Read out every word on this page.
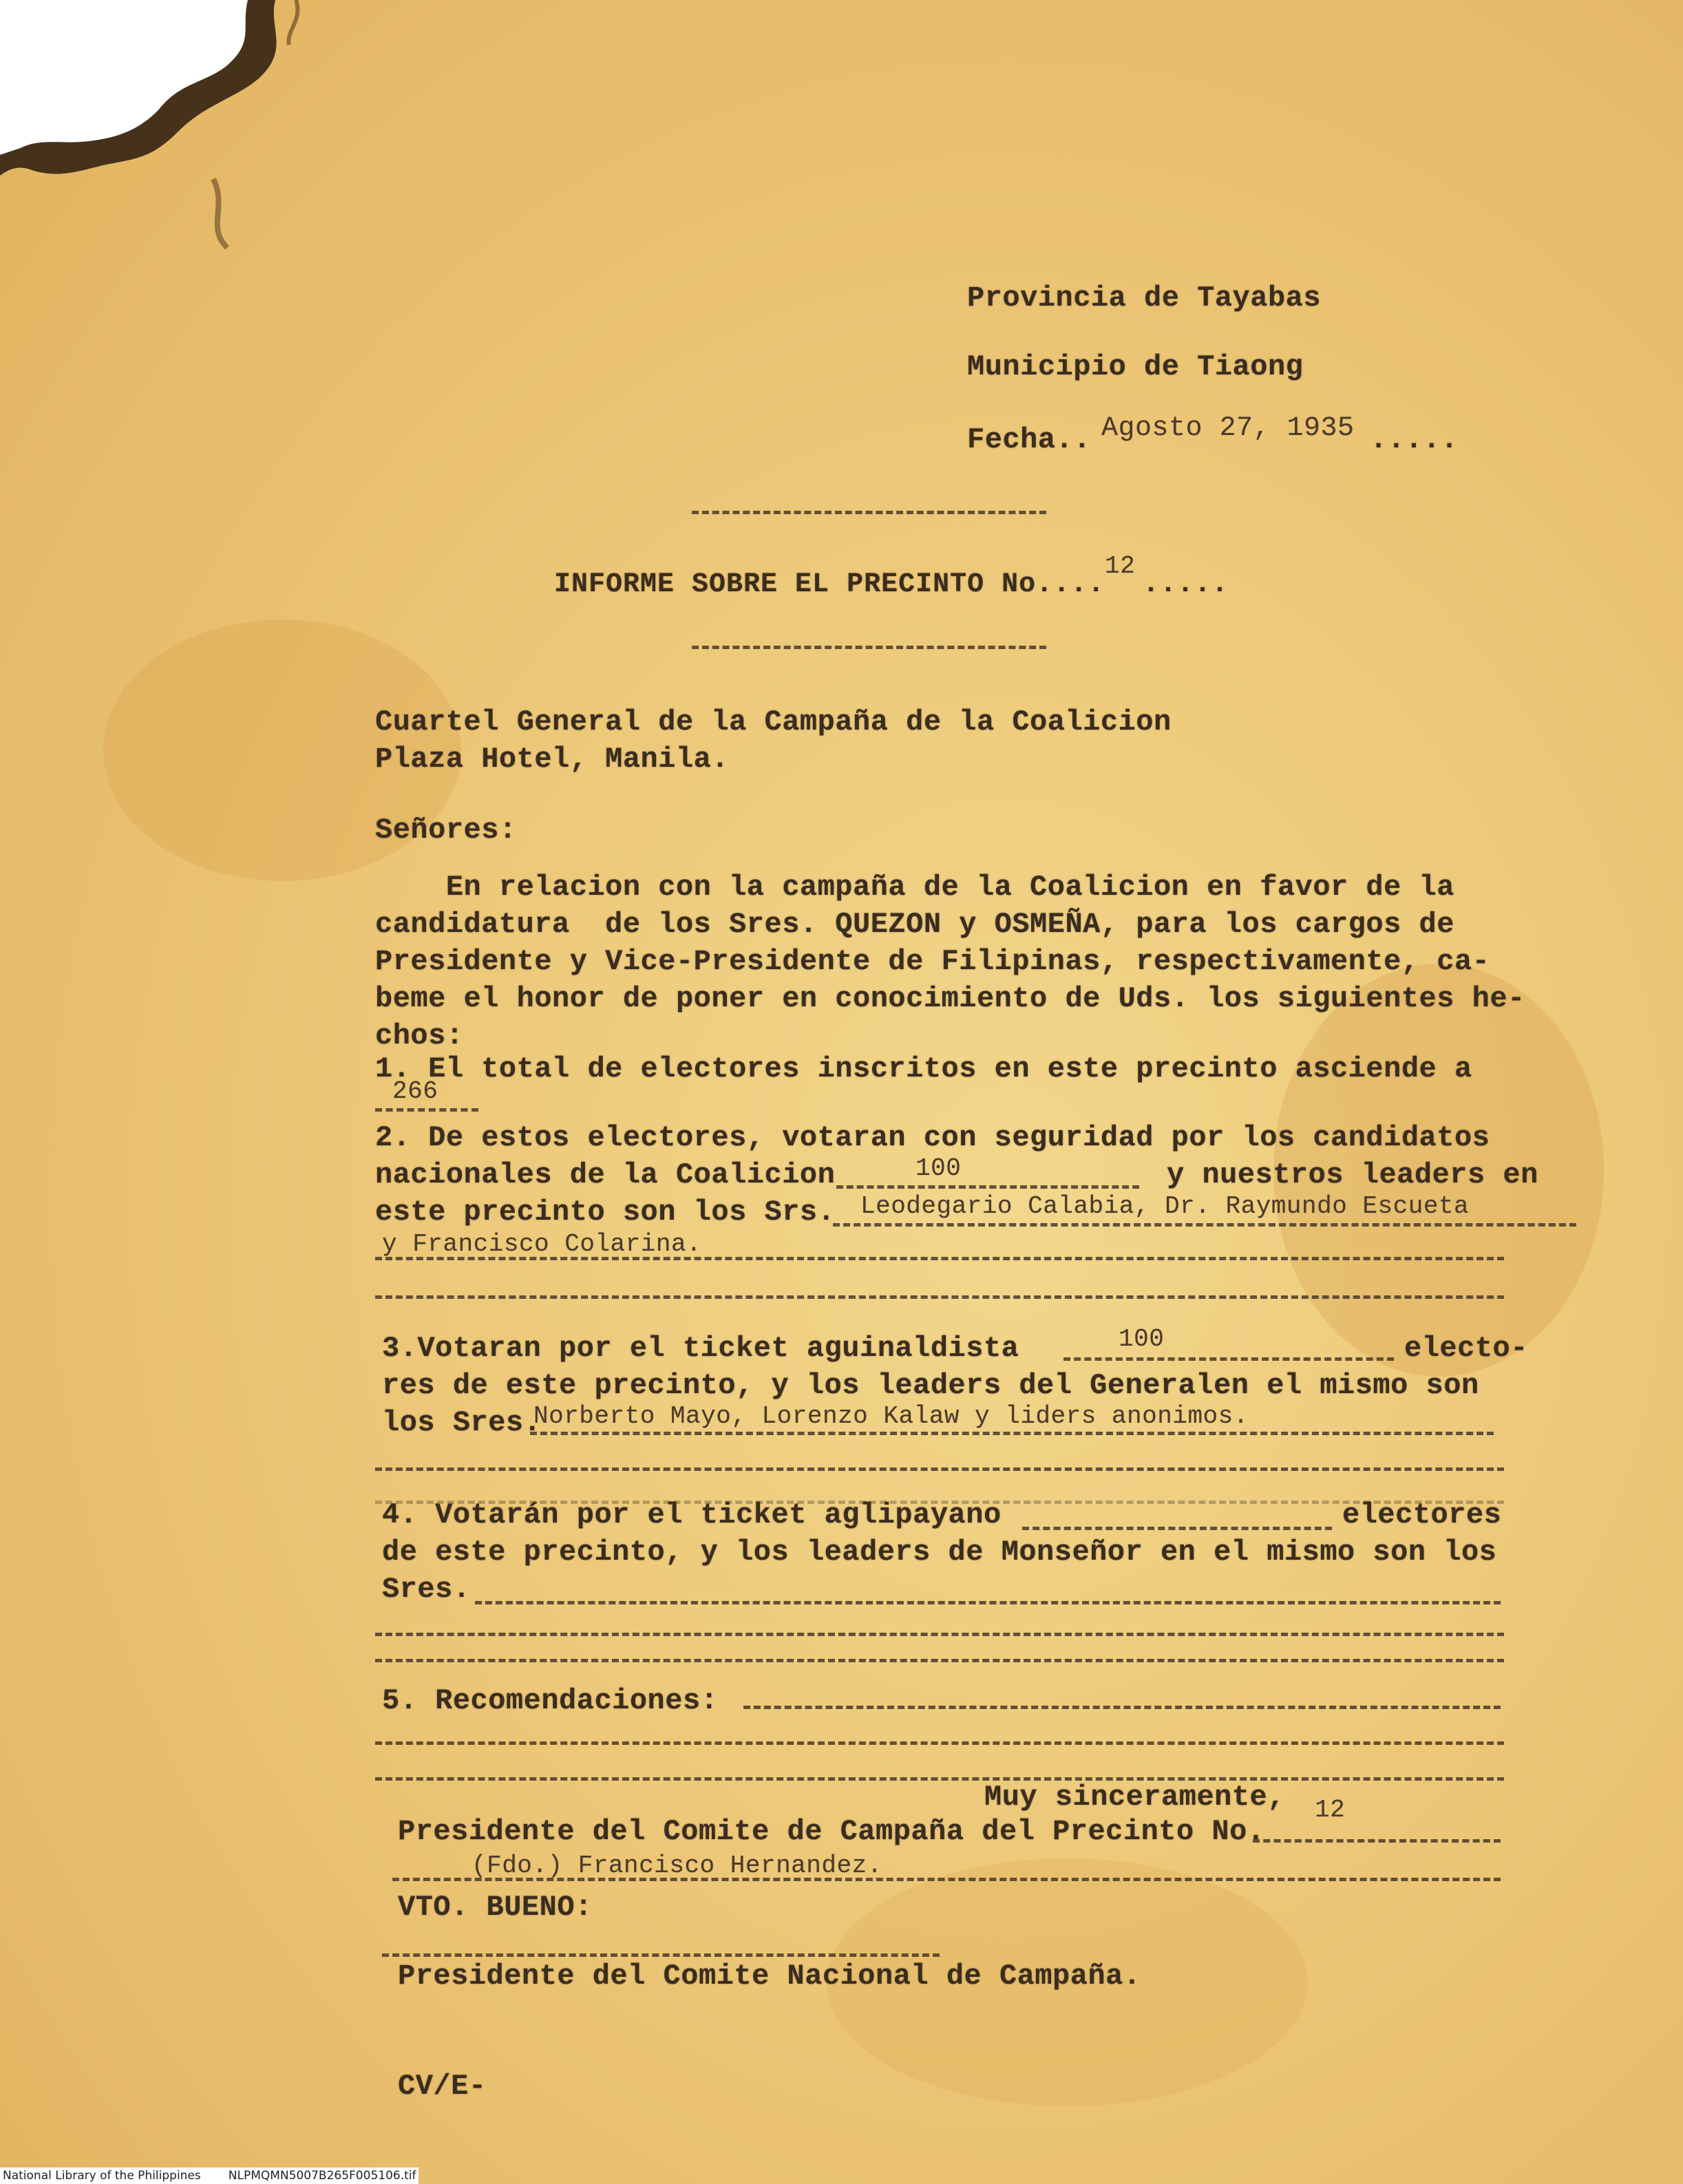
Provincia de Tayabas
Municipio de Tiaong
Fecha.. Agosto 27, 1935 .....
INFORME SOBRE EL PRECINTO No....
12
.....
Cuartel General de la Campaña de la Coalicion
Plaza Hotel, Manila.
Señores:
En relacion con la campaña de la Coalicion en favor de la
candidatura  de los Sres. QUEZON y OSMEÑA, para los cargos de
Presidente y Vice-Presidente de Filipinas, respectivamente, ca-
beme el honor de poner en conocimiento de Uds. los siguientes he-
chos:
1. El total de electores inscritos en este precinto asciende a
266
2. De estos electores, votaran con seguridad por los candidatos
nacionales de la Coalicion	100	y nuestros leaders en
este precinto son los Srs. Leodegario Calabia, Dr. Raymundo Escueta
y Francisco Colarina.
3.Votaran por el ticket aguinaldista	100	electo-
res de este precinto, y los leaders del Generalen el mismo son
los Sres.
Norberto Mayo, Lorenzo Kalaw y liders anonimos.
4. Votarán por el ticket aglipayano	electores
de este precinto, y los leaders de Monseñor en el mismo son los
Sres.
5. Recomendaciones:
Muy sinceramente,
Presidente del Comite de Campaña del Precinto No.
12
(Fdo.) Francisco Hernandez.
VTO. BUENO:
Presidente del Comite Nacional de Campaña.
CV/E-
National Library of the Philippines NLPMQMN5007B265F005106.tif
